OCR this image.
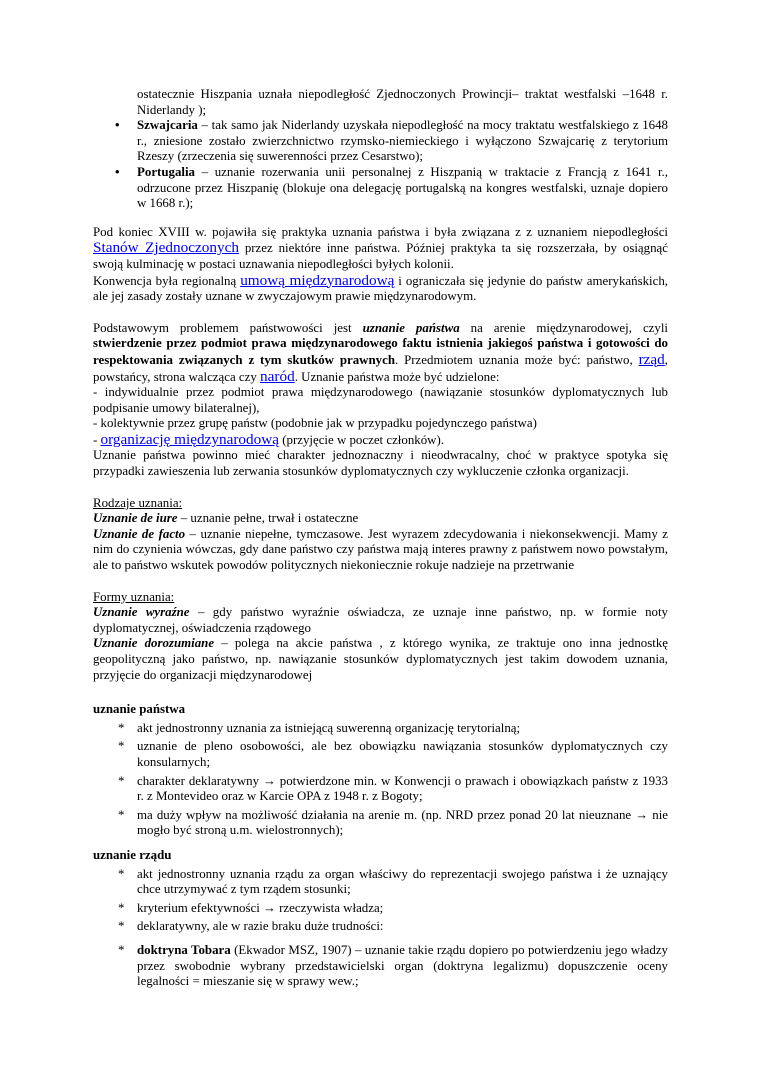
ostatecznie Hiszpania uznała niepodległość Zjednoczonych Prowincji– traktat westfalski –1648 r. Niderlandy );
• Szwajcaria – tak samo jak Niderlandy uzyskała niepodległość na mocy traktatu westfalskiego z 1648 r., zniesione zostało zwierzchnictwo rzymsko-niemieckiego i wyłączono Szwajcarię z terytorium Rzeszy (zrzeczenia się suwerenności przez Cesarstwo);
• Portugalia – uznanie rozerwania unii personalnej z Hiszpanią w traktacie z Francją z 1641 r., odrzucone przez Hiszpanię (blokuje ona delegację portugalską na kongres westfalski, uznaje dopiero w 1668 r.);
Pod koniec XVIII w. pojawiła się praktyka uznania państwa i była związana z z uznaniem niepodległości Stanów Zjednoczonych przez niektóre inne państwa. Później praktyka ta się rozszerzała, by osiągnąć swoją kulminację w postaci uznawania niepodległości byłych kolonii.
Konwencja była regionalną umową międzynarodową i ograniczała się jedynie do państw amerykańskich, ale jej zasady zostały uznane w zwyczajowym prawie międzynarodowym.
Podstawowym problemem państwowości jest uznanie państwa na arenie międzynarodowej, czyli stwierdzenie przez podmiot prawa międzynarodowego faktu istnienia jakiegoś państwa i gotowości do respektowania związanych z tym skutków prawnych. Przedmiotem uznania może być: państwo, rząd, powstańcy, strona walcząca czy naród. Uznanie państwa może być udzielone:
- indywidualnie przez podmiot prawa międzynarodowego (nawiązanie stosunków dyplomatycznych lub podpisanie umowy bilateralnej),
- kolektywnie przez grupę państw (podobnie jak w przypadku pojedynczego państwa)
- organizację międzynarodową (przyjęcie w poczet członków).
Uznanie państwa powinno mieć charakter jednoznaczny i nieodwracalny, choć w praktyce spotyka się przypadki zawieszenia lub zerwania stosunków dyplomatycznych czy wykluczenie członka organizacji.
Rodzaje uznania:
Uznanie de iure – uznanie pełne, trwał i ostateczne
Uznanie de facto – uznanie niepełne, tymczasowe. Jest wyrazem zdecydowania i niekonsekwencji. Mamy z nim do czynienia wówczas, gdy dane państwo czy państwa mają interes prawny z państwem nowo powstałym, ale to państwo wskutek powodów politycznych niekoniecznie rokuje nadzieje na przetrwanie
Formy uznania:
Uznanie wyraźne – gdy państwo wyraźnie oświadcza, ze uznaje inne państwo, np. w formie noty dyplomatycznej, oświadczenia rządowego
Uznanie dorozumiane – polega na akcie państwa , z którego wynika, ze traktuje ono inna jednostkę geopolityczną jako państwo, np. nawiązanie stosunków dyplomatycznych jest takim dowodem uznania, przyjęcie do organizacji międzynarodowej
uznanie państwa
* akt jednostronny uznania za istniejącą suwerenną organizację terytorialną;
* uznanie de pleno osobowości, ale bez obowiązku nawiązania stosunków dyplomatycznych czy konsularnych;
* charakter deklaratywny → potwierdzone min. w Konwencji o prawach i obowiązkach państw z 1933 r. z Montevideo oraz w Karcie OPA z 1948 r. z Bogoty;
* ma duży wpływ na możliwość działania na arenie m. (np. NRD przez ponad 20 lat nieuznane → nie mogło być stroną u.m. wielostronnych);
uznanie rządu
* akt jednostronny uznania rządu za organ właściwy do reprezentacji swojego państwa i że uznający chce utrzymywać z tym rządem stosunki;
* kryterium efektywności → rzeczywista władza;
* deklaratywny, ale w razie braku duże trudności:
* doktryna Tobara (Ekwador MSZ, 1907) – uznanie takie rządu dopiero po potwierdzeniu jego władzy przez swobodnie wybrany przedstawicielski organ (doktryna legalizmu) dopuszczenie oceny legalności = mieszanie się w sprawy wew.;
